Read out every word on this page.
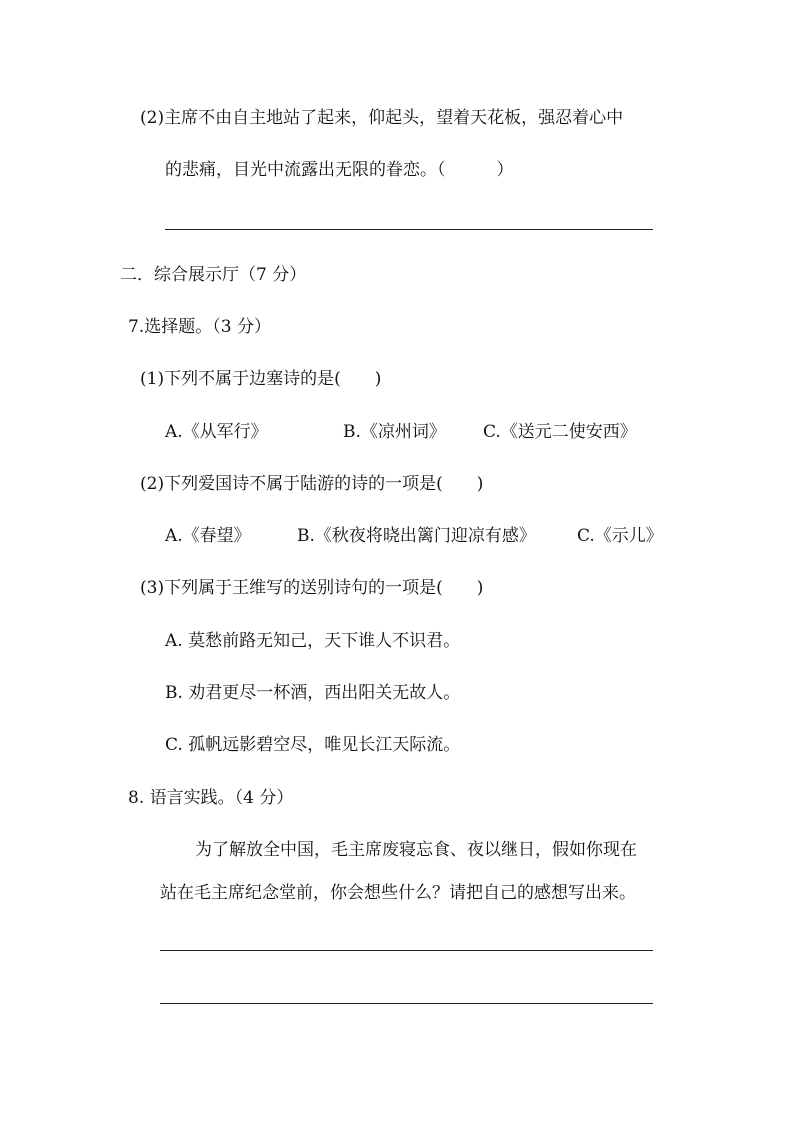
(2)主席不由自主地站了起来，仰起头，望着天花板，强忍着心中
的悲痛，目光中流露出无限的眷恋。（　　　）
二．综合展示厅（7 分）
7.选择题。（3 分）
(1)下列不属于边塞诗的是(　　)
A.《从军行》	B.《凉州词》 C.《送元二使安西》
(2)下列爱国诗不属于陆游的诗的一项是(　　)
A.《春望》	B.《秋夜将晓出篱门迎凉有感》 C.《示儿》
(3)下列属于王维写的送别诗句的一项是(　　)
A. 莫愁前路无知己，天下谁人不识君。
B. 劝君更尽一杯酒，西出阳关无故人。
C. 孤帆远影碧空尽，唯见长江天际流。
8. 语言实践。（4 分）
为了解放全中国，毛主席废寝忘食、夜以继日，假如你现在
站在毛主席纪念堂前，你会想些什么？请把自己的感想写出来。
